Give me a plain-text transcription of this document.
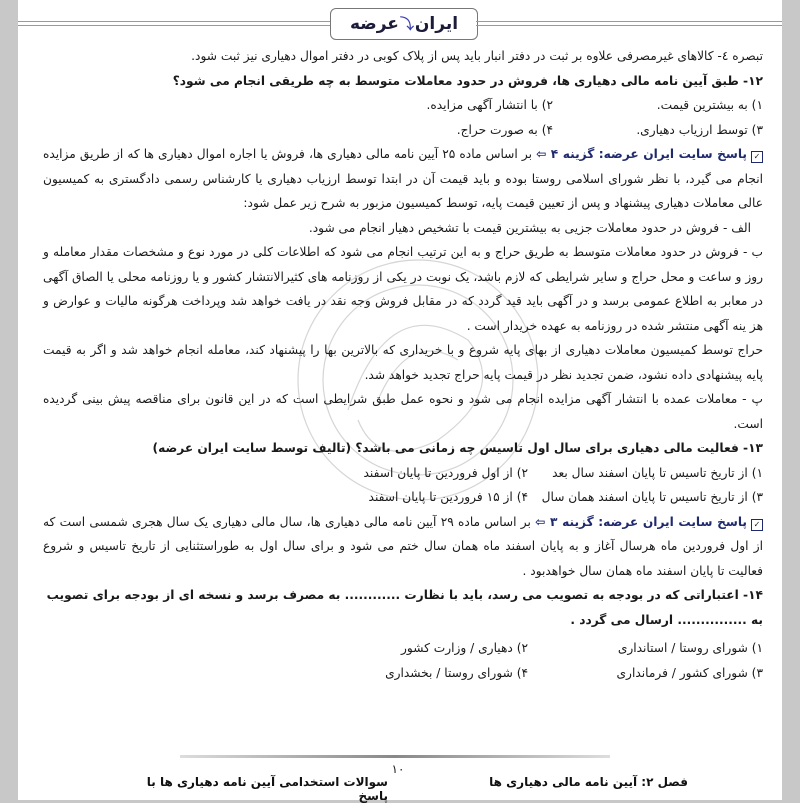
ایران
⤵
عرضه

تبصره ٤- کالاهای غیرمصرفی علاوه بر ثبت در دفتر انبار باید پس از پلاک کوبی در دفتر اموال دهیاری نیز ثبت شود.

۱۲- طبق آیین نامه مالی دهیاری ها، فروش در حدود معاملات متوسط به چه طریقی انجام می شود؟

۱) به بیشترین قیمت.
۲) با انتشار آگهی مزایده.
۳) توسط ارزیاب دهیاری.
۴) به صورت حراج.

✓پاسخ سایت ایران عرضه: گزینه ۴ ⇦ بر اساس ماده ۲۵ آیین نامه مالی دهیاری ها، فروش یا اجاره اموال دهیاری ها که از طریق مزایده انجام می گیرد، با نظر شورای اسلامی روستا بوده و باید قیمت آن در ابتدا توسط ارزیاب دهیاری یا کارشناس رسمی دادگستری به کمیسیون عالی معاملات دهیاری پیشنهاد و پس از تعیین قیمت پایه، توسط کمیسیون مزبور به شرح زیر عمل شود:

الف - فروش در حدود معاملات جزیی به بیشترین قیمت با تشخیص دهیار انجام می شود.

ب - فروش در حدود معاملات متوسط به طریق حراج و به این ترتیب انجام می شود که اطلاعات کلی در مورد نوع و مشخصات مقدار معامله و روز و ساعت و محل حراج و سایر شرایطی که لازم باشد، یک نوبت در یکی از روزنامه های کثیرالانتشار کشور و یا روزنامه محلی یا الصاق آگهی در معابر به اطلاع عمومی برسد و در آگهی باید قید گردد که در مقابل فروش وجه نقد در یافت خواهد شد وپرداخت هرگونه مالیات و عوارض و هز ینه آگهی منتشر شده در روزنامه به عهده خریدار است .

حراج توسط کمیسیون معاملات دهیاری از بهای پایه شروع و با خریداری که بالاترین بها را پیشنهاد کند، معامله انجام خواهد شد و اگر به قیمت پایه پیشنهادی داده نشود، ضمن تجدید نظر در قیمت پایه حراج تجدید خواهد شد.

پ - معاملات عمده با انتشار آگهی مزایده انجام می شود و نحوه عمل طبق شرایطی است که در این قانون برای مناقصه پیش بینی گردیده است.

۱۳- فعالیت مالی دهیاری برای سال اول تاسیس چه زمانی می باشد؟ (تالیف توسط سایت ایران عرضه)

۱) از تاریخ تاسیس تا پایان اسفند سال بعد
۲) از اول فروردین تا پایان اسفند
۳) از تاریخ تاسیس تا پایان اسفند همان سال
۴) از ۱۵ فروردین تا پایان اسفند

✓پاسخ سایت ایران عرضه: گزینه ۳ ⇦ بر اساس ماده ۲۹ آیین نامه مالی دهیاری ها، سال مالی دهیاری یک سال هجری شمسی است که از اول فروردین ماه هرسال آغاز و به پایان اسفند ماه همان سال ختم می شود و برای سال اول به طوراستثنایی از تاریخ تاسیس و شروع فعالیت تا پایان اسفند ماه همان سال خواهدبود .

۱۴- اعتباراتی که در بودجه به تصویب می رسد، باید با نظارت ............ به مصرف برسد و نسخه ای از بودجه برای تصویب

به ............... ارسال می گردد .

۱) شورای روستا / استانداری
۲) دهیاری / وزارت کشور
۳) شورای کشور / فرمانداری
۴) شورای روستا / بخشداری
۱۰
سوالات استخدامی آیین نامه دهیاری ها با پاسخ
فصل ۲: آیین نامه مالی دهیاری ها
